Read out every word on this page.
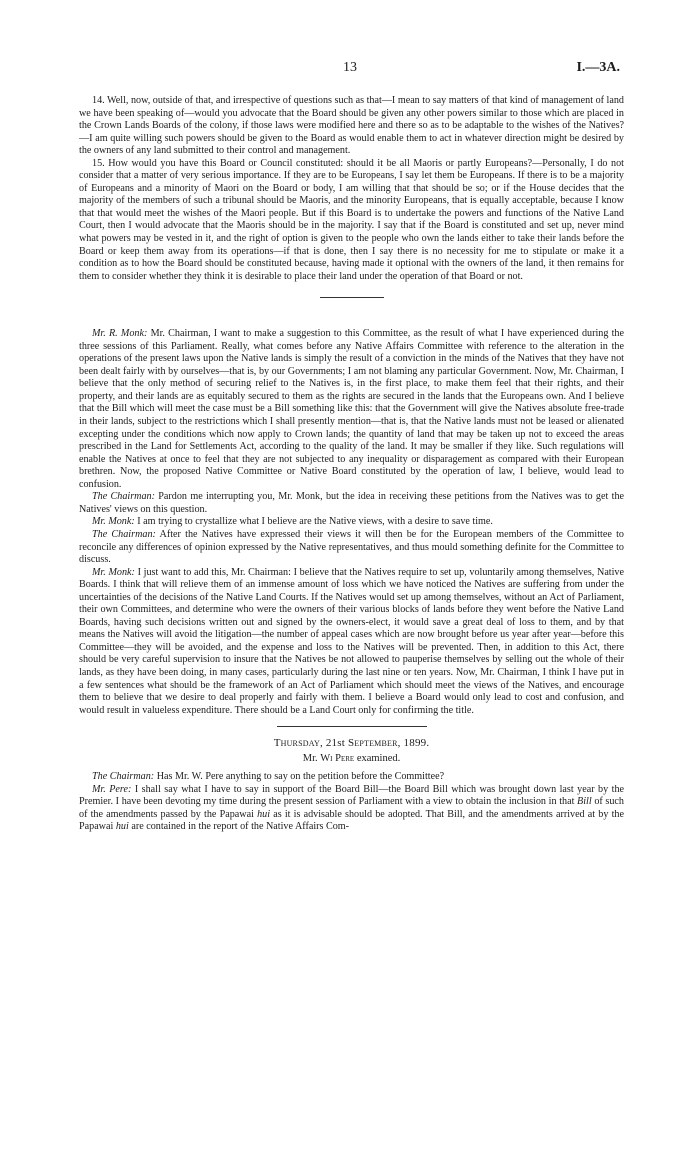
13	I.—3A.

14. Well, now, outside of that, and irrespective of questions such as that—I mean to say matters of that kind of management of land we have been speaking of—would you advocate that the Board should be given any other powers similar to those which are placed in the Crown Lands Boards of the colony, if those laws were modified here and there so as to be adaptable to the wishes of the Natives?—I am quite willing such powers should be given to the Board as would enable them to act in whatever direction might be desired by the owners of any land submitted to their control and management.

15. How would you have this Board or Council constituted: should it be all Maoris or partly Europeans?—Personally, I do not consider that a matter of very serious importance. If they are to be Europeans, I say let them be Europeans. If there is to be a majority of Europeans and a minority of Maori on the Board or body, I am willing that that should be so; or if the House decides that the majority of the members of such a tribunal should be Maoris, and the minority Europeans, that is equally acceptable, because I know that that would meet the wishes of the Maori people. But if this Board is to undertake the powers and functions of the Native Land Court, then I would advocate that the Maoris should be in the majority. I say that if the Board is constituted and set up, never mind what powers may be vested in it, and the right of option is given to the people who own the lands either to take their lands before the Board or keep them away from its operations—if that is done, then I say there is no necessity for me to stipulate or make it a condition as to how the Board should be constituted because, having made it optional with the owners of the land, it then remains for them to consider whether they think it is desirable to place their land under the operation of that Board or not.

Mr. R. Monk: Mr. Chairman, I want to make a suggestion to this Committee, as the result of what I have experienced during the three sessions of this Parliament. Really, what comes before any Native Affairs Committee with reference to the alteration in the operations of the present laws upon the Native lands is simply the result of a conviction in the minds of the Natives that they have not been dealt fairly with by ourselves—that is, by our Governments; I am not blaming any particular Government. Now, Mr. Chairman, I believe that the only method of securing relief to the Natives is, in the first place, to make them feel that their rights, and their property, and their lands are as equitably secured to them as the rights are secured in the lands that the Europeans own. And I believe that the Bill which will meet the case must be a Bill something like this: that the Government will give the Natives absolute free-trade in their lands, subject to the restrictions which I shall presently mention—that is, that the Native lands must not be leased or alienated excepting under the conditions which now apply to Crown lands; the quantity of land that may be taken up not to exceed the areas prescribed in the Land for Settlements Act, according to the quality of the land. It may be smaller if they like. Such regulations will enable the Natives at once to feel that they are not subjected to any inequality or disparagement as compared with their European brethren. Now, the proposed Native Committee or Native Board constituted by the operation of law, I believe, would lead to confusion.

The Chairman: Pardon me interrupting you, Mr. Monk, but the idea in receiving these petitions from the Natives was to get the Natives' views on this question.

Mr. Monk: I am trying to crystallize what I believe are the Native views, with a desire to save time.

The Chairman: After the Natives have expressed their views it will then be for the European members of the Committee to reconcile any differences of opinion expressed by the Native representatives, and thus mould something definite for the Committee to discuss.

Mr. Monk: I just want to add this, Mr. Chairman: I believe that the Natives require to set up, voluntarily among themselves, Native Boards. I think that will relieve them of an immense amount of loss which we have noticed the Natives are suffering from under the uncertainties of the decisions of the Native Land Courts. If the Natives would set up among themselves, without an Act of Parliament, their own Committees, and determine who were the owners of their various blocks of lands before they went before the Native Land Boards, having such decisions written out and signed by the owners-elect, it would save a great deal of loss to them, and by that means the Natives will avoid the litigation—the number of appeal cases which are now brought before us year after year—before this Committee—they will be avoided, and the expense and loss to the Natives will be prevented. Then, in addition to this Act, there should be very careful supervision to insure that the Natives be not allowed to pauperise themselves by selling out the whole of their lands, as they have been doing, in many cases, particularly during the last nine or ten years. Now, Mr. Chairman, I think I have put in a few sentences what should be the framework of an Act of Parliament which should meet the views of the Natives, and encourage them to believe that we desire to deal properly and fairly with them. I believe a Board would only lead to cost and confusion, and would result in valueless expenditure. There should be a Land Court only for confirming the title.

Thursday, 21st September, 1899.
Mr. Wi Pere examined.

The Chairman: Has Mr. W. Pere anything to say on the petition before the Committee?

Mr. Pere: I shall say what I have to say in support of the Board Bill—the Board Bill which was brought down last year by the Premier. I have been devoting my time during the present session of Parliament with a view to obtain the inclusion in that Bill of such of the amendments passed by the Papawai hui as it is advisable should be adopted. That Bill, and the amendments arrived at by the Papawai hui are contained in the report of the Native Affairs Com-
